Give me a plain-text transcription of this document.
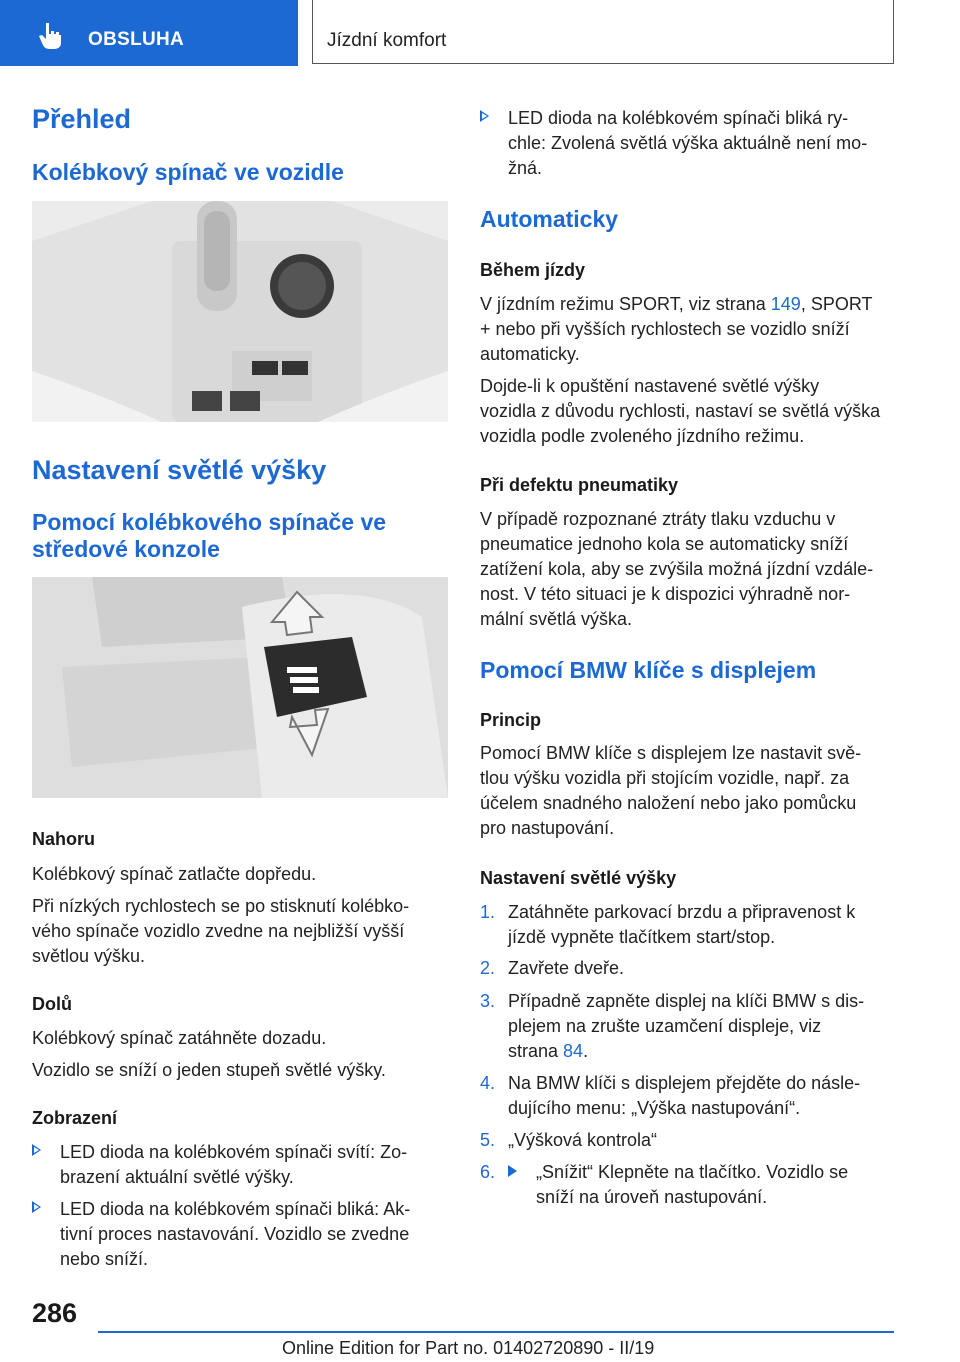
OBSLUHA	Jízdní komfort
Přehled
Kolébkový spínač ve vozidle
Nastavení světlé výšky
Pomocí kolébkového spínače ve
středové konzole
Nahoru
Kolébkový spínač zatlačte dopředu.
Při nízkých rychlostech se po stisknutí kolébko-
vého spínače vozidlo zvedne na nejbližší vyšší
světlou výšku.
Dolů
Kolébkový spínač zatáhněte dozadu.
Vozidlo se sníží o jeden stupeň světlé výšky.
Zobrazení
LED dioda na kolébkovém spínači svítí: Zo-
brazení aktuální světlé výšky.
LED dioda na kolébkovém spínači bliká: Ak-
tivní proces nastavování. Vozidlo se zvedne
nebo sníží.
LED dioda na kolébkovém spínači bliká ry-
chle: Zvolená světlá výška aktuálně není mo-
žná.
Automaticky
Během jízdy
V jízdním režimu SPORT, viz strana 149, SPORT
+ nebo při vyšších rychlostech se vozidlo sníží
automaticky.
Dojde-li k opuštění nastavené světlé výšky
vozidla z důvodu rychlosti, nastaví se světlá výška
vozidla podle zvoleného jízdního režimu.
Při defektu pneumatiky
V případě rozpoznané ztráty tlaku vzduchu v
pneumatice jednoho kola se automaticky sníží
zatížení kola, aby se zvýšila možná jízdní vzdále-
nost. V této situaci je k dispozici výhradně nor-
mální světlá výška.
Pomocí BMW klíče s displejem
Princip
Pomocí BMW klíče s displejem lze nastavit svě-
tlou výšku vozidla při stojícím vozidle, např. za
účelem snadného naložení nebo jako pomůcku
pro nastupování.
Nastavení světlé výšky
1. Zatáhněte parkovací brzdu a připravenost k
jízdě vypněte tlačítkem start/stop.
2. Zavřete dveře.
3. Případně zapněte displej na klíči BMW s dis-
plejem na zrušte uzamčení displeje, viz
strana 84.
4. Na BMW klíči s displejem přejděte do násle-
dujícího menu: „Výška nastupování“.
5. „Výšková kontrola“
6. „Snížit“ Klepněte na tlačítko. Vozidlo se
sníží na úroveň nastupování.
286
Online Edition for Part no. 01402720890 - II/19
